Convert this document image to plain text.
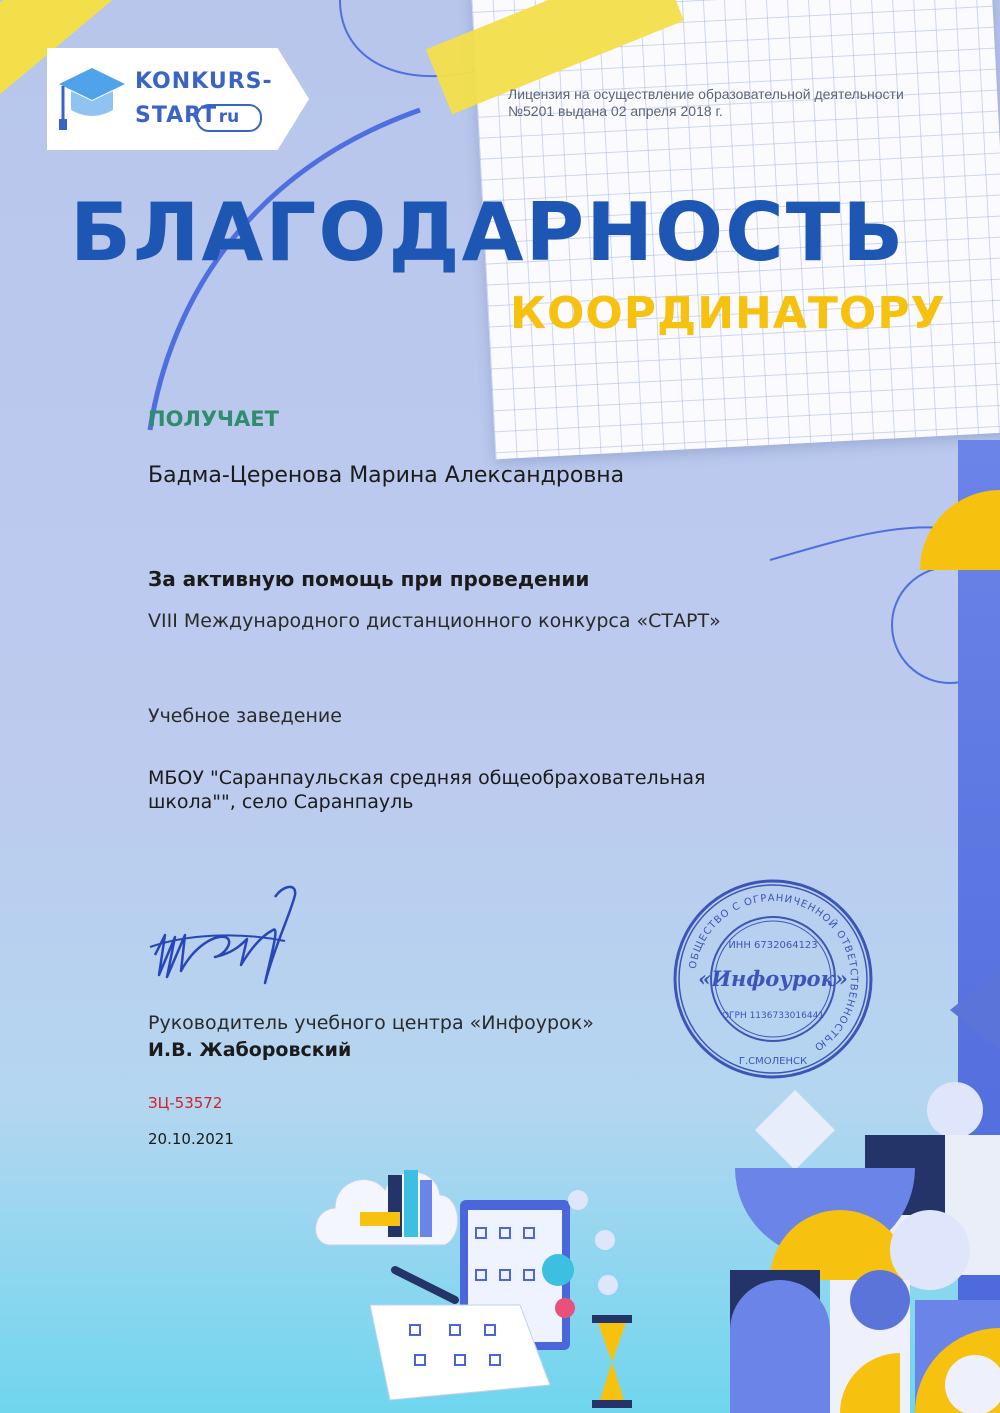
KONKURS-
START ru
Лицензия на осуществление образовательной деятельности №5201 выдана 02 апреля 2018 г.
БЛАГОДАРНОСТЬ
КООРДИНАТОРУ
ПОЛУЧАЕТ
Бадма-Церенова Марина Александровна
За активную помощь при проведении
VIII Международного дистанционного конкурса «СТАРТ»
Учебное заведение
МБОУ "Саранпаульская средняя общеобраховательная школа"", село Саранпауль
ОБЩЕСТВО С ОГРАНИЧЕННОЙ ОТВЕТСТВЕННОСТЬЮ
ИНН 6732064123
«Инфоурок»
ОГРН 1136733016441
Г.СМОЛЕНСК
Руководитель учебного центра «Инфоурок»
И.В. Жаборовский
ЗЦ-53572
20.10.2021
